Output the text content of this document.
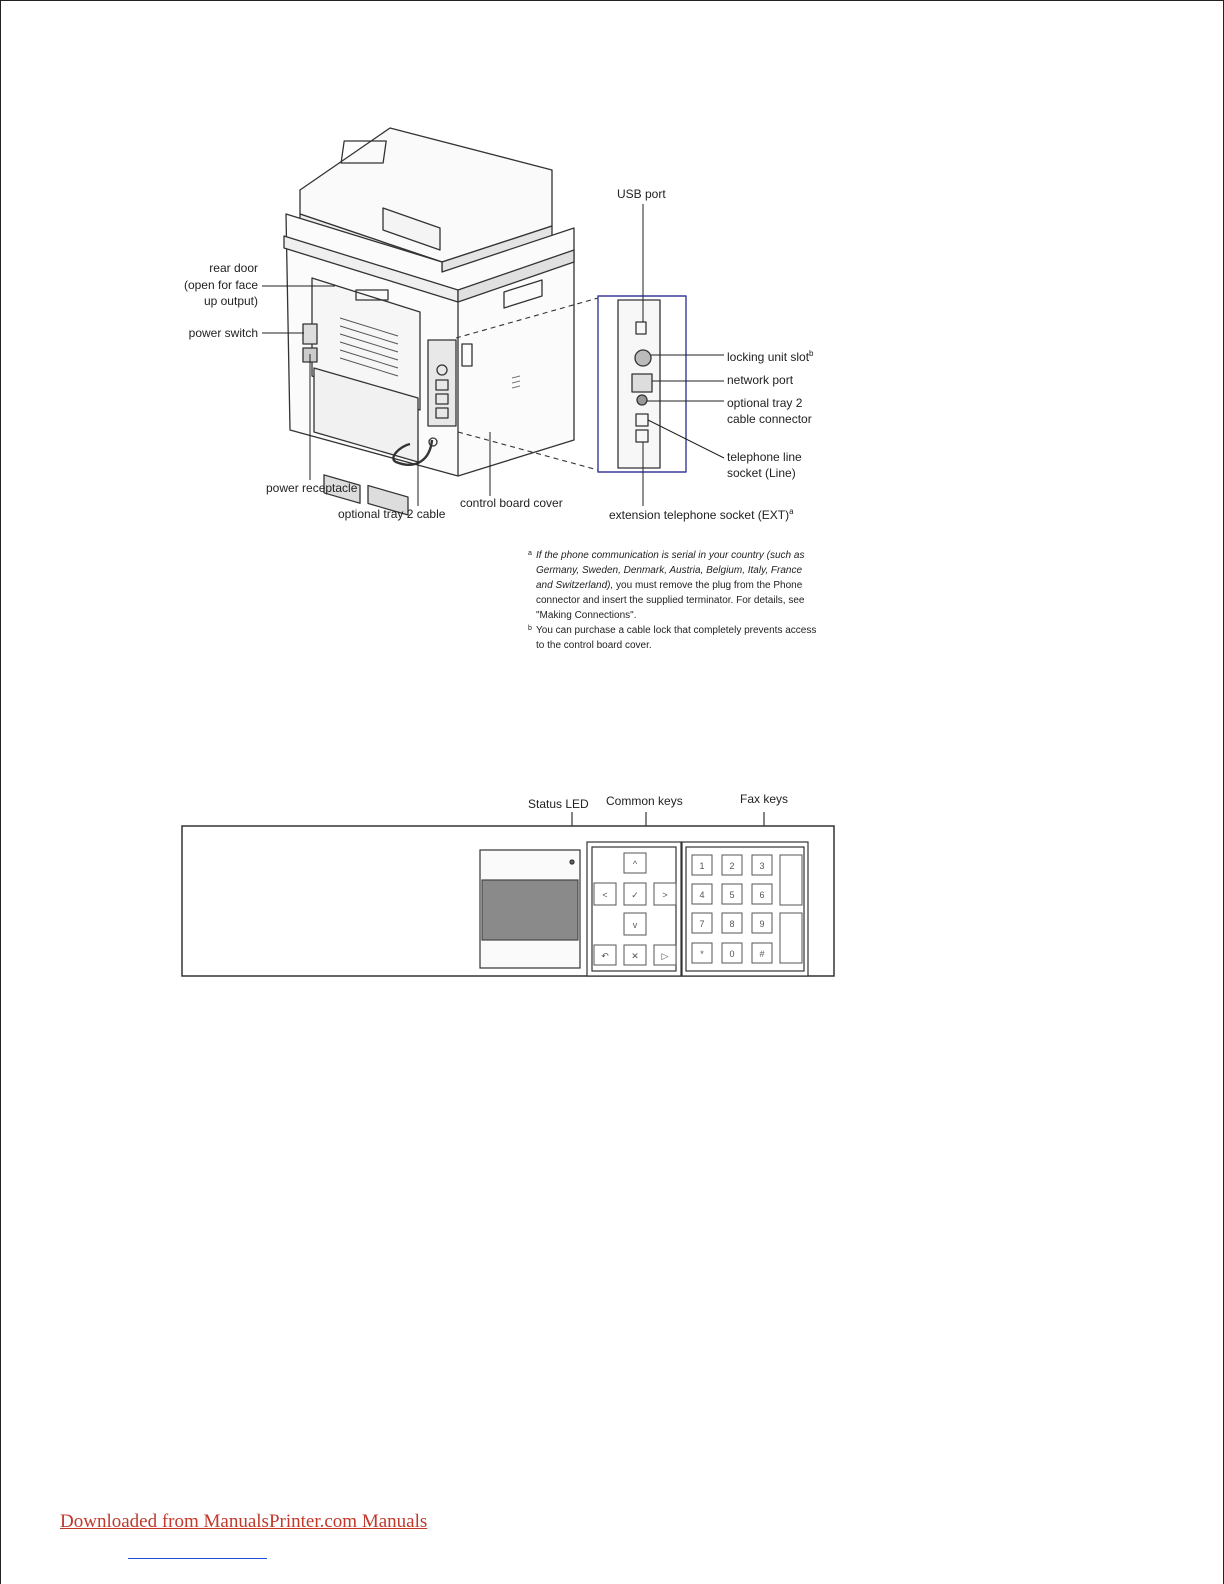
USB port
rear door
(open for face
up output)
power switch
locking unit slot$^b$
network port
optional tray 2
cable connector
telephone line
socket (Line)
power receptacle
control board cover
optional tray 2 cable	extension telephone socket (EXT)$^a$
a If the phone communication is serial in your country (such as Germany, Sweden, Denmark, Austria, Belgium, Italy, France and Switzerland), you must remove the plug from the Phone connector and insert the supplied terminator. For details, see "Making Connections".
b You can purchase a cable lock that completely prevents access to the control board cover.
Status LED Common keys	Fax keys
^
<	✓	>
v
↶ ✕	▷
1	2	3
4	5	6
7	8	9
*	0	#
Downloaded from ManualsPrinter.com Manuals
